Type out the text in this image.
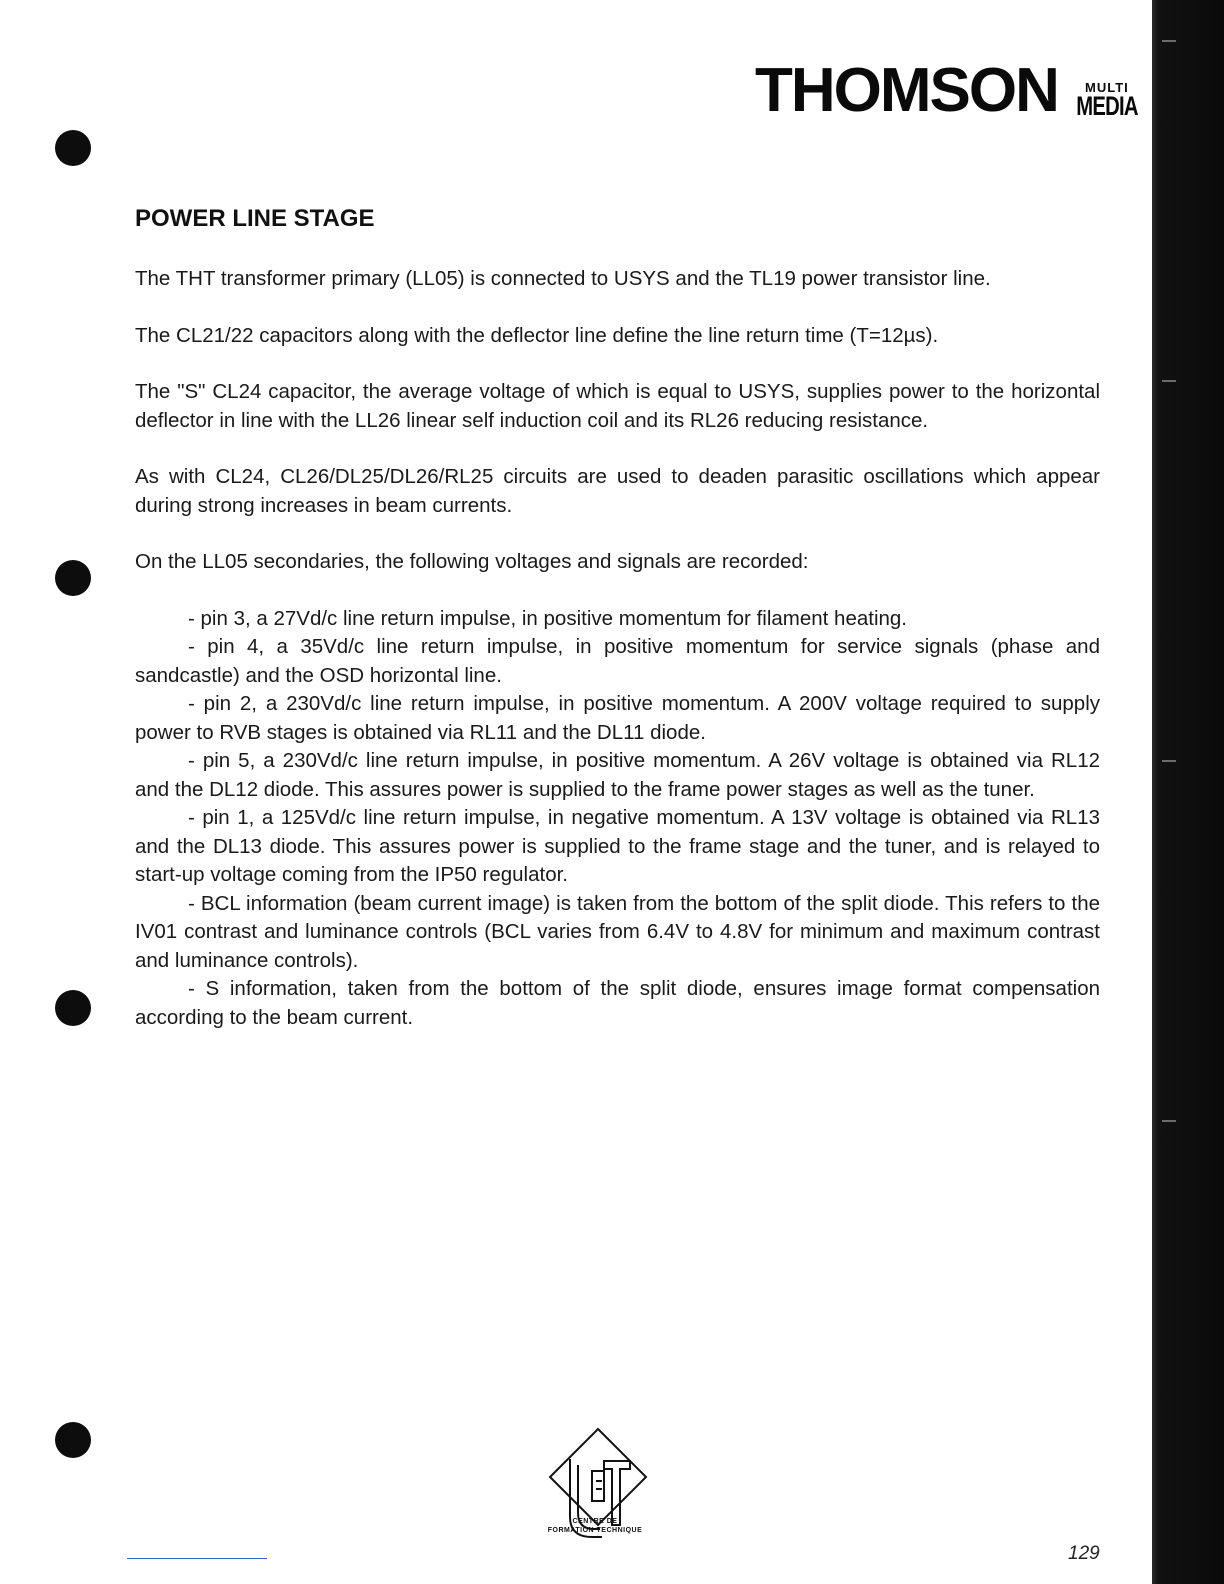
THOMSON MULTI
MEDIA
POWER LINE STAGE

The THT transformer primary (LL05) is connected to USYS and the TL19 power transistor line.

The CL21/22 capacitors along with the deflector line define the line return time (T=12µs).

The "S" CL24 capacitor, the average voltage of which is equal to USYS, supplies power to the horizontal deflector in line with the LL26 linear self induction coil and its RL26 reducing resistance.

As with CL24, CL26/DL25/DL26/RL25 circuits are used to deaden parasitic oscillations which appear during strong increases in beam currents.

On the LL05 secondaries, the following voltages and signals are recorded:

- pin 3, a 27Vd/c line return impulse, in positive momentum for filament heating.

- pin 4, a 35Vd/c line return impulse, in positive momentum for service signals (phase and sandcastle) and the OSD horizontal line.

- pin 2, a 230Vd/c line return impulse, in positive momentum. A 200V voltage required to supply power to RVB stages is obtained via RL11 and the DL11 diode.

- pin 5, a 230Vd/c line return impulse, in positive momentum. A 26V voltage is obtained via RL12 and the DL12 diode. This assures power is supplied to the frame power stages as well as the tuner.

- pin 1, a 125Vd/c line return impulse, in negative momentum. A 13V voltage is obtained via RL13 and the DL13 diode. This assures power is supplied to the frame stage and the tuner, and is relayed to start-up voltage coming from the IP50 regulator.

- BCL information (beam current image) is taken from the bottom of the split diode. This refers to the IV01 contrast and luminance controls (BCL varies from 6.4V to 4.8V for minimum and maximum contrast and luminance controls).

- S information, taken from the bottom of the split diode, ensures image format compensation according to the beam current.

CENTRE DE
FORMATION TECHNIQUE
129
